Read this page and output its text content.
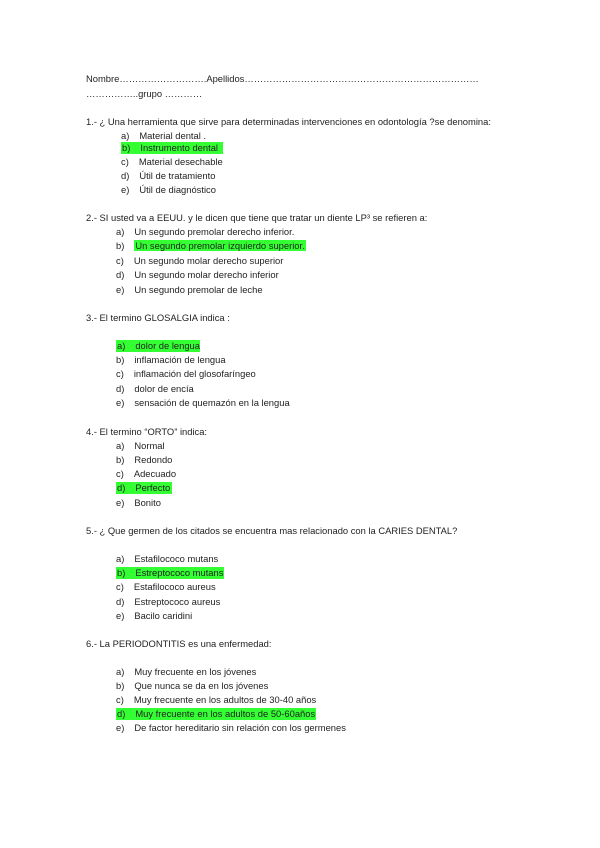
Nombre……………………….Apellidos…………………………………………………………………
……………..grupo …………
1.- ¿ Una herramienta que sirve para determinadas intervenciones en odontología ?se denomina:
a) Material dental .
b) Instrumento dental
c) Material desechable
d) Útil de tratamiento
e) Útil de diagnóstico
2.- SI usted va a EEUU. y le dicen que tiene que tratar un diente LP³ se refieren a:
a) Un segundo premolar derecho inferior.
b) Un segundo premolar izquierdo superior.
c) Un segundo molar derecho superior
d) Un segundo molar derecho inferior
e) Un segundo premolar de leche
3.- El termino GLOSALGIA indica :
a) dolor de lengua
b) inflamación de lengua
c) inflamación del glosofaríngeo
d) dolor de encía
e) sensación de quemazón en la lengua
4.- El termino “ORTO” indica:
a) Normal
b) Redondo
c) Adecuado
d) Perfecto
e) Bonito
5.- ¿ Que germen de los citados se encuentra mas relacionado con la CARIES DENTAL?
a) Estafilococo mutans
b) Estreptococo mutans
c) Estafilococo aureus
d) Estreptococo aureus
e) Bacilo caridini
6.- La PERIODONTITIS es una enfermedad:
a) Muy frecuente en los jóvenes
b) Que nunca se da en los jóvenes
c) Muy frecuente en los adultos de 30-40 años
d) Muy frecuente en los adultos de 50-60años
e) De factor hereditario sin relación con los germenes
